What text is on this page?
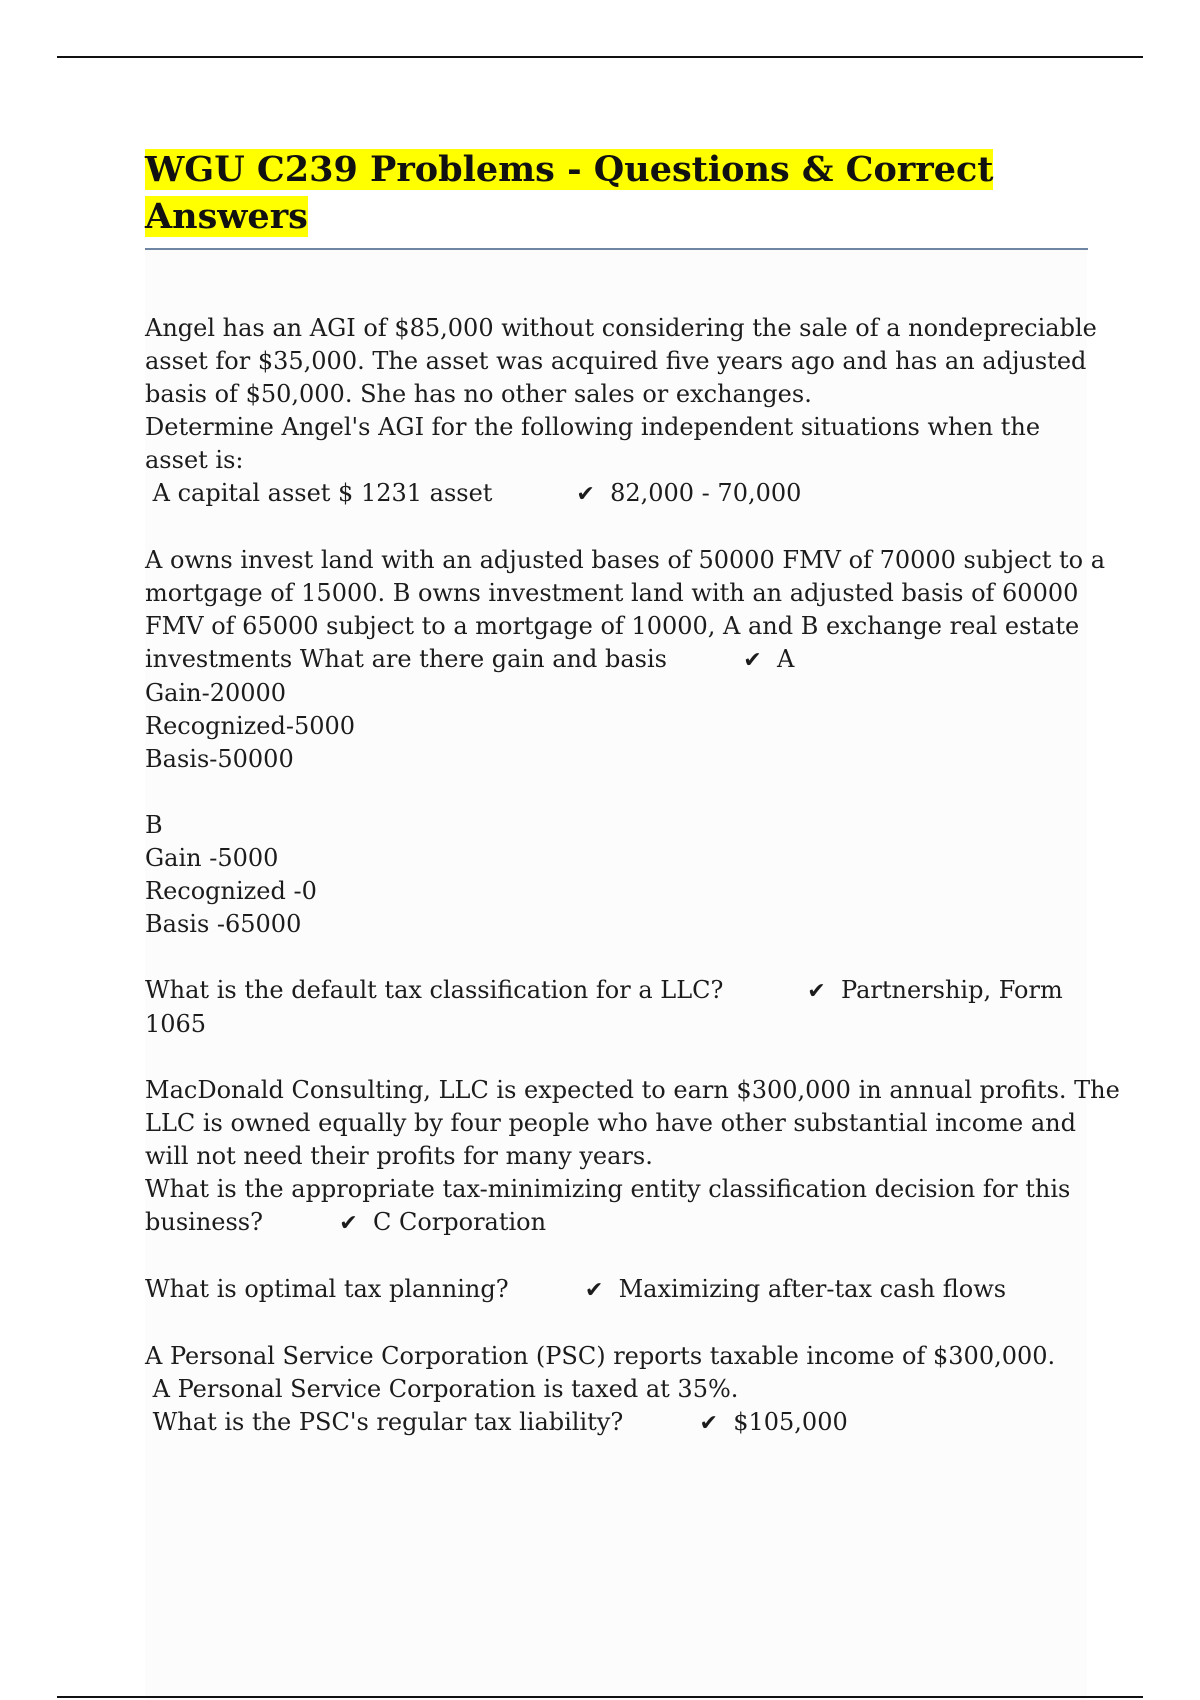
WGU C239 Problems - Questions & Correct
Answers
Angel has an AGI of $85,000 without considering the sale of a nondepreciable
asset for $35,000. The asset was acquired five years ago and has an adjusted
basis of $50,000. She has no other sales or exchanges.
Determine Angel's AGI for the following independent situations when the
asset is:
A capital asset $ 1231 asset	✔ 82,000 - 70,000
A owns invest land with an adjusted bases of 50000 FMV of 70000 subject to a
mortgage of 15000. B owns investment land with an adjusted basis of 60000
FMV of 65000 subject to a mortgage of 10000, A and B exchange real estate
investments What are there gain and basis	✔ A
Gain-20000
Recognized-5000
Basis-50000

B
Gain -5000
Recognized -0
Basis -65000
What is the default tax classification for a LLC?	✔ Partnership, Form
1065
MacDonald Consulting, LLC is expected to earn $300,000 in annual profits. The
LLC is owned equally by four people who have other substantial income and
will not need their profits for many years.
What is the appropriate tax-minimizing entity classification decision for this
business?	✔ C Corporation
What is optimal tax planning?	✔ Maximizing after-tax cash flows
A Personal Service Corporation (PSC) reports taxable income of $300,000.
A Personal Service Corporation is taxed at 35%.
What is the PSC's regular tax liability?	✔ $105,000
